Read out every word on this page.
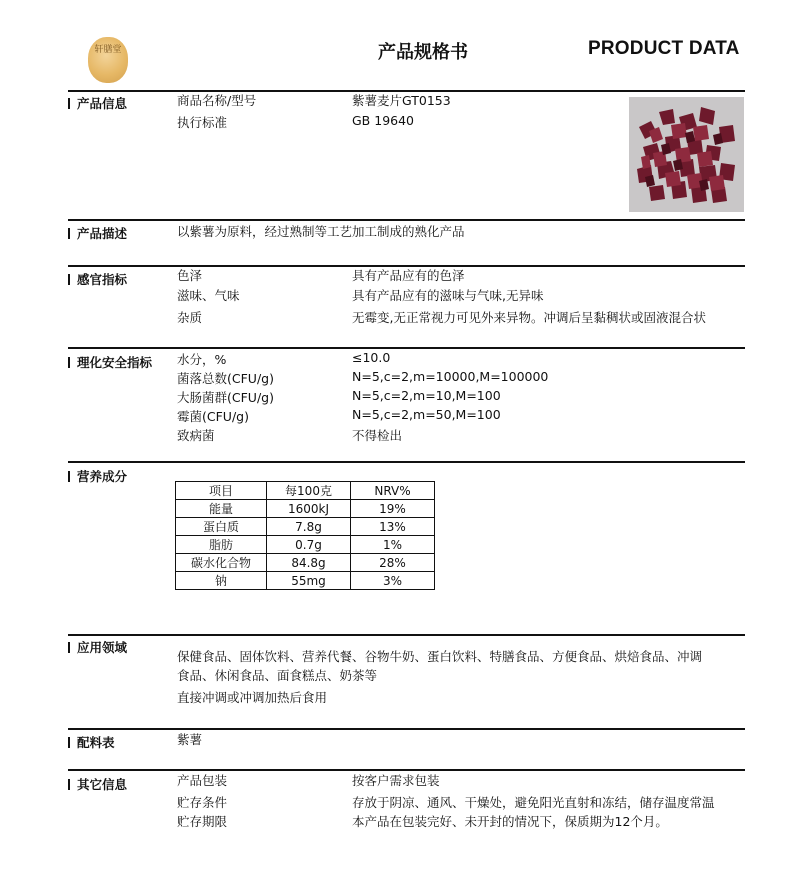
轩膳堂	产品规格书	PRODUCT DATA
产品信息	商品名称/型号	紫薯麦片GT0153
执行标准	GB 19640
产品描述	以紫薯为原料，经过熟制等工艺加工制成的熟化产品
感官指标	色泽	具有产品应有的色泽
滋味、气味	具有产品应有的滋味与气味,无异味
杂质	无霉变,无正常视力可见外来异物。冲调后呈黏稠状或固液混合状
理化安全指标 水分，%	≤10.0
菌落总数(CFU/g)	N=5,c=2,m=10000,M=100000
大肠菌群(CFU/g)	N=5,c=2,m=10,M=100
霉菌(CFU/g)	N=5,c=2,m=50,M=100
致病菌	不得检出
营养成分
项目	每100克	NRV%
能量	1600kJ	19%
蛋白质	7.8g	13%
脂肪	0.7g	1%
碳水化合物	84.8g	28%
钠	55mg	3%
应用领域
保健食品、固体饮料、营养代餐、谷物牛奶、蛋白饮料、特膳食品、方便食品、烘焙食品、冲调
食品、休闲食品、面食糕点、奶茶等
直接冲调或冲调加热后食用
配料表	紫薯
其它信息	产品包装	按客户需求包装
贮存条件	存放于阴凉、通风、干燥处，避免阳光直射和冻结，储存温度常温
贮存期限	本产品在包装完好、未开封的情况下，保质期为12个月。
